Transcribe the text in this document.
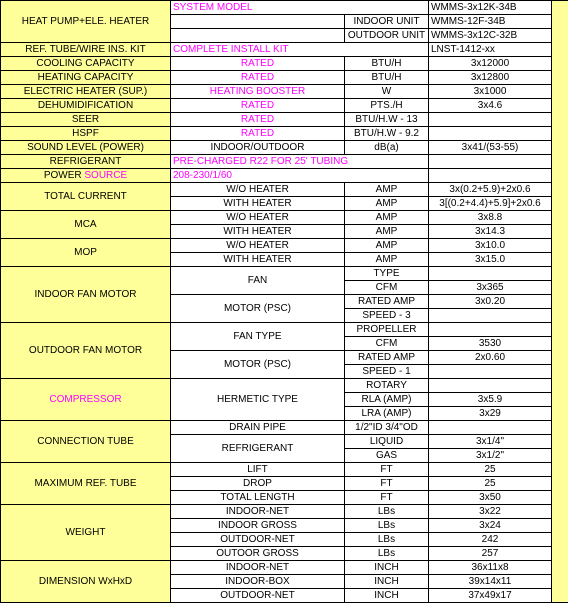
HEAT PUMP+ELE. HEATER	SYSTEM MODEL		WMMS-3x12K-34B	
		INDOOR UNIT	WMMS-12F-34B	
		OUTDOOR UNIT	WMMS-3x12C-32B	
REF. TUBE/WIRE INS. KIT	COMPLETE INSTALL KIT		LNST-1412-xx	
COOLING CAPACITY	RATED	BTU/H	3x12000	
HEATING CAPACITY	RATED	BTU/H	3x12800	
ELECTRIC HEATER (SUP.)	HEATING BOOSTER	W	3x1000	
DEHUMIDIFICATION	RATED	PTS./H	3x4.6	
SEER	RATED	BTU/H.W - 13		
HSPF	RATED	BTU/H.W - 9.2		
SOUND LEVEL (POWER)	INDOOR/OUTDOOR	dB(a)	3x41/(53-55)	
REFRIGERANT	PRE-CHARGED R22 FOR 25' TUBING			
POWER SOURCE	208-230/1/60			
TOTAL CURRENT	W/O HEATER	AMP	3x(0.2+5.9)+2x0.6	
	WITH HEATER	AMP	3[(0.2+4.4)+5.9]+2x0.6	
MCA	W/O HEATER	AMP	3x8.8	
	WITH HEATER	AMP	3x14.3	
MOP	W/O HEATER	AMP	3x10.0	
	WITH HEATER	AMP	3x15.0	
INDOOR FAN MOTOR	FAN	TYPE		
		CFM	3x365	
	MOTOR (PSC)	RATED AMP	3x0.20	
		SPEED - 3		
OUTDOOR FAN MOTOR	FAN TYPE	PROPELLER		
		CFM	3530	
	MOTOR (PSC)	RATED AMP	2x0.60	
		SPEED - 1		
COMPRESSOR	HERMETIC TYPE	ROTARY		
		RLA (AMP)	3x5.9	
		LRA (AMP)	3x29	
CONNECTION TUBE	DRAIN PIPE	1/2"ID 3/4"OD		
	REFRIGERANT	LIQUID	3x1/4"	
		GAS	3x1/2"	
MAXIMUM REF. TUBE	LIFT	FT	25	
	DROP	FT	25	
	TOTAL LENGTH	FT	3x50	
WEIGHT	INDOOR-NET	LBs	3x22	
	INDOOR GROSS	LBs	3x24	
	OUTDOOR-NET	LBs	242	
	OUTOOR GROSS	LBs	257	
DIMENSION WxHxD	INDOOR-NET	INCH	36x11x8	
	INDOOR-BOX	INCH	39x14x11	
	OUTDOOR-NET	INCH	37x49x17	
